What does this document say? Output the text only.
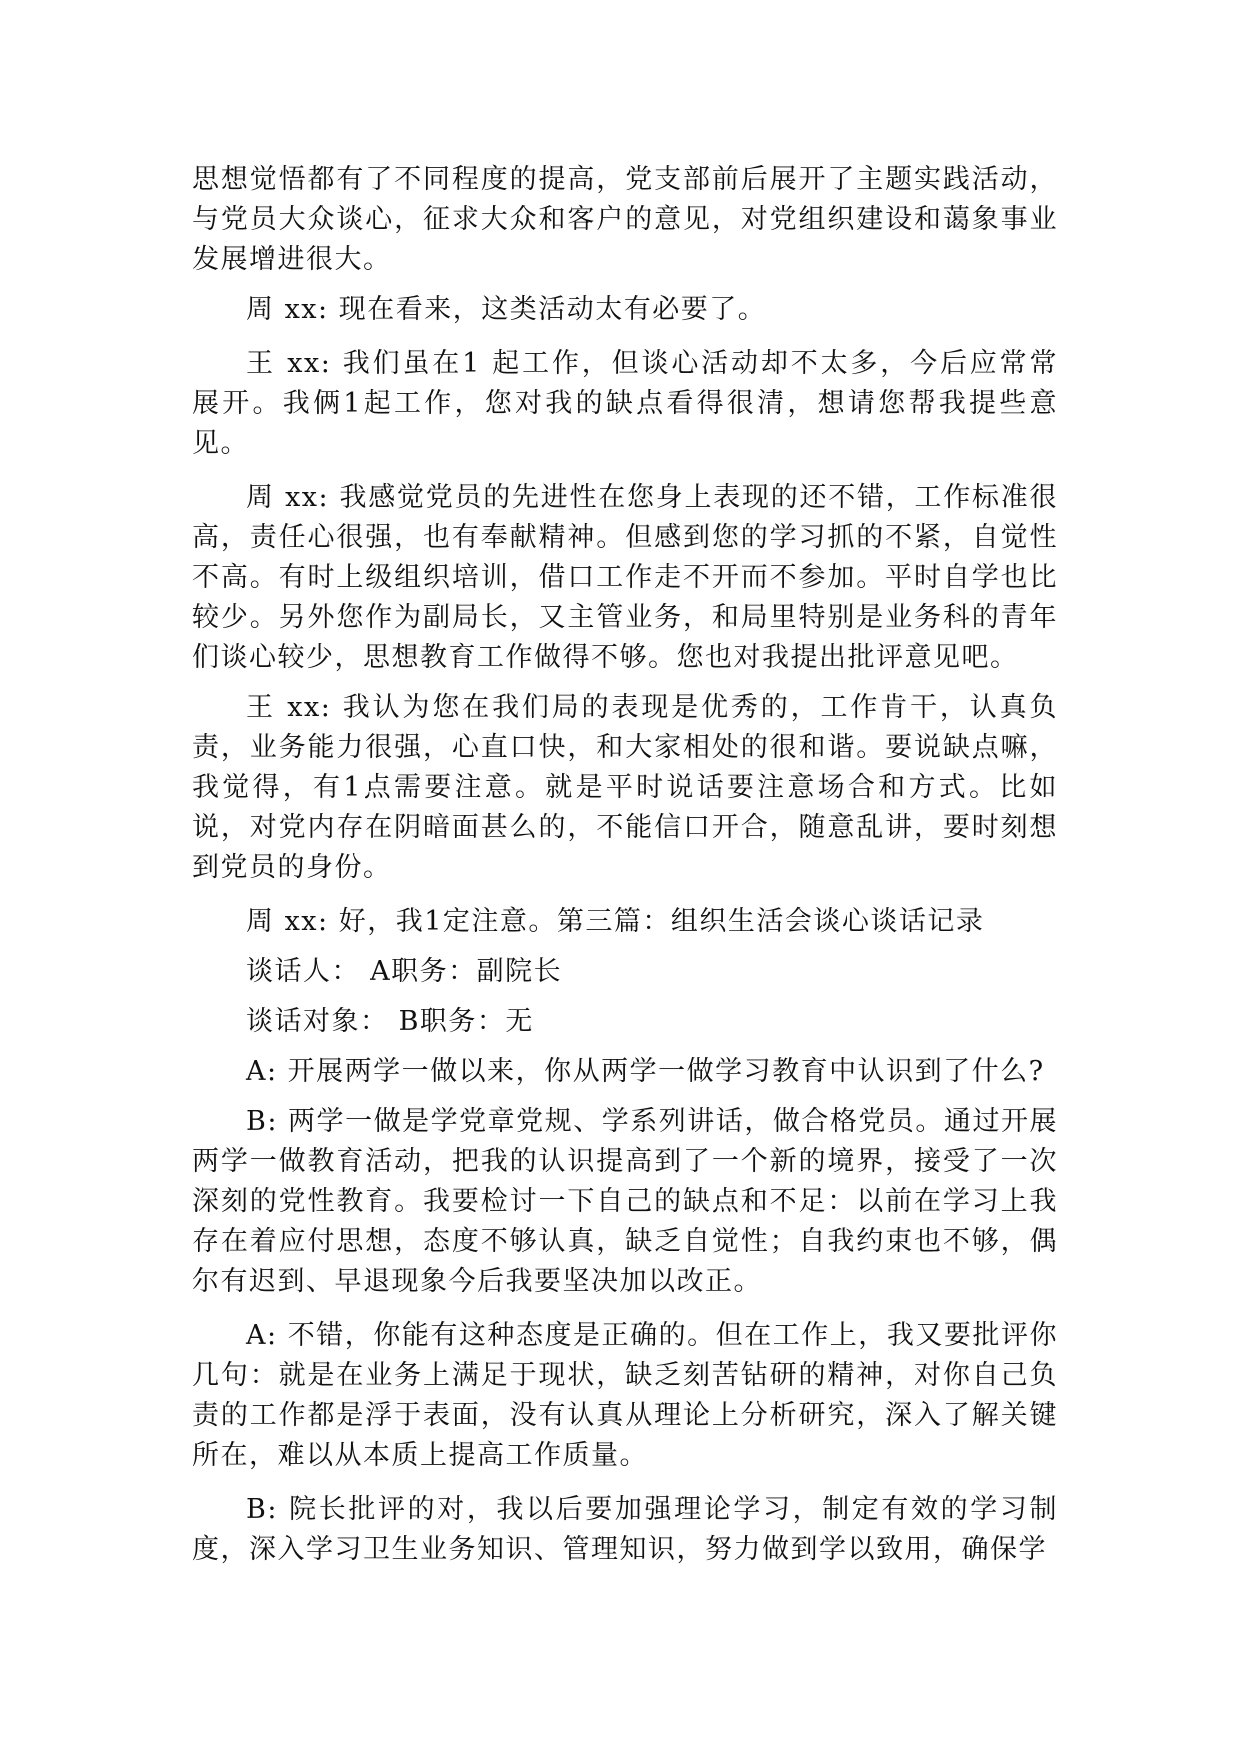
思想觉悟都有了不同程度的提高，党支部前后展开了主题实践活动，与党员大众谈心，征求大众和客户的意见，对党组织建设和蔼象事业发展增进很大。

周 xx: 现在看来，这类活动太有必要了。

王 xx: 我们虽在1 起工作，但谈心活动却不太多，今后应常常 展开。我俩1起工作，您对我的缺点看得很清，想请您帮我提些意见。

周 xx: 我感觉党员的先进性在您身上表现的还不错，工作标准很高，责任心很强，也有奉献精神。但感到您的学习抓的不紧，自觉性不高。有时上级组织培训，借口工作走不开而不参加。平时自学也比较少。另外您作为副局长，又主管业务，和局里特别是业务科的青年们谈心较少，思想教育工作做得不够。您也对我提出批评意见吧。

王 xx: 我认为您在我们局的表现是优秀的，工作肯干，认真负责，业务能力很强，心直口快，和大家相处的很和谐。要说缺点嘛，我觉得，有1点需要注意。就是平时说话要注意场合和方式。比如说，对党内存在阴暗面甚么的，不能信口开合，随意乱讲，要时刻想到党员的身份。

周 xx: 好，我1定注意。第三篇：组织生活会谈心谈话记录

谈话人： A职务：副院长

谈话对象： B职务：无

A: 开展两学一做以来，你从两学一做学习教育中认识到了什么?

B: 两学一做是学党章党规、学系列讲话，做合格党员。通过开展两学一做教育活动，把我的认识提高到了一个新的境界，接受了一次深刻的党性教育。我要检讨一下自己的缺点和不足：以前在学习上我存在着应付思想，态度不够认真，缺乏自觉性；自我约束也不够，偶尔有迟到、早退现象今后我要坚决加以改正。

A: 不错，你能有这种态度是正确的。但在工作上，我又要批评你几句：就是在业务上满足于现状，缺乏刻苦钻研的精神，对你自己负责的工作都是浮于表面，没有认真从理论上分析研究，深入了解关键所在，难以从本质上提高工作质量。

B: 院长批评的对，我以后要加强理论学习，制定有效的学习制度，深入学习卫生业务知识、管理知识，努力做到学以致用，确保学
